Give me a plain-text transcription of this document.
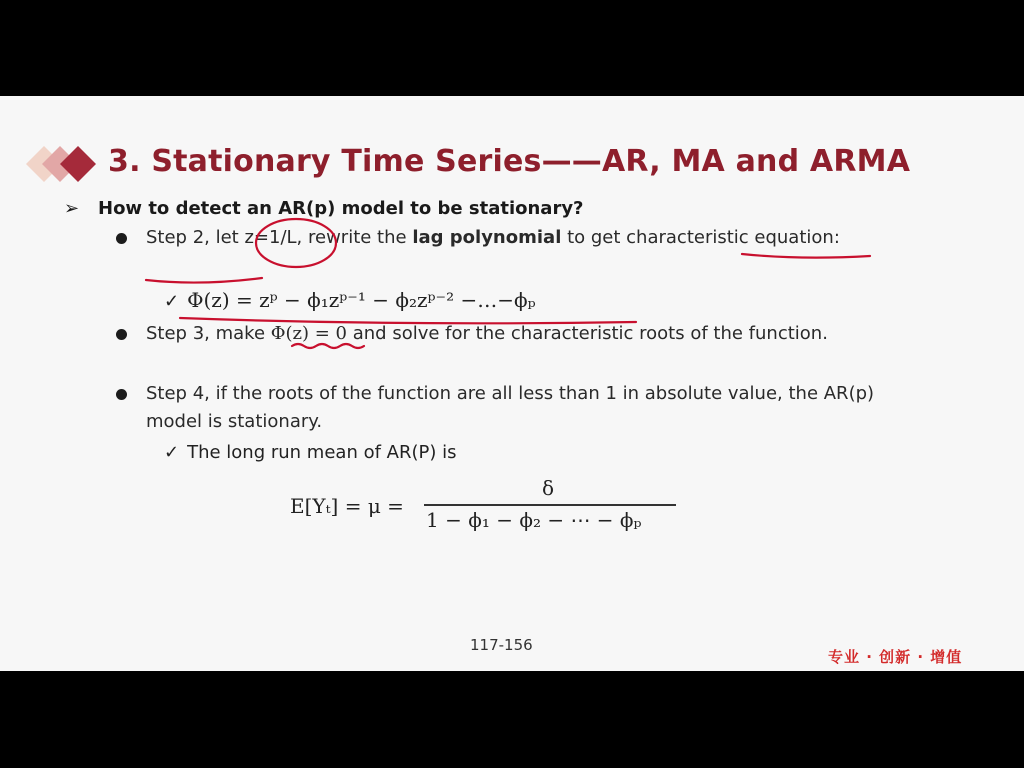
3. Stationary Time Series——AR, MA and ARMA
➢ How to detect an AR(p) model to be stationary?
Step 2, let z=1/L, rewrite the lag polynomial to get characteristic equation:
✓ Φ(z) = zᵖ − ϕ₁zᵖ⁻¹ − ϕ₂zᵖ⁻² −…−ϕₚ
Step 3, make Φ(z) = 0 and solve for the characteristic roots of the function.
Step 4, if the roots of the function are all less than 1 in absolute value, the AR(p) model is stationary.
✓ The long run mean of AR(P) is
E[Yₜ] = μ =
δ
1 − ϕ₁ − ϕ₂ − ⋯ − ϕₚ
117-156
专业 · 创新 · 增值
